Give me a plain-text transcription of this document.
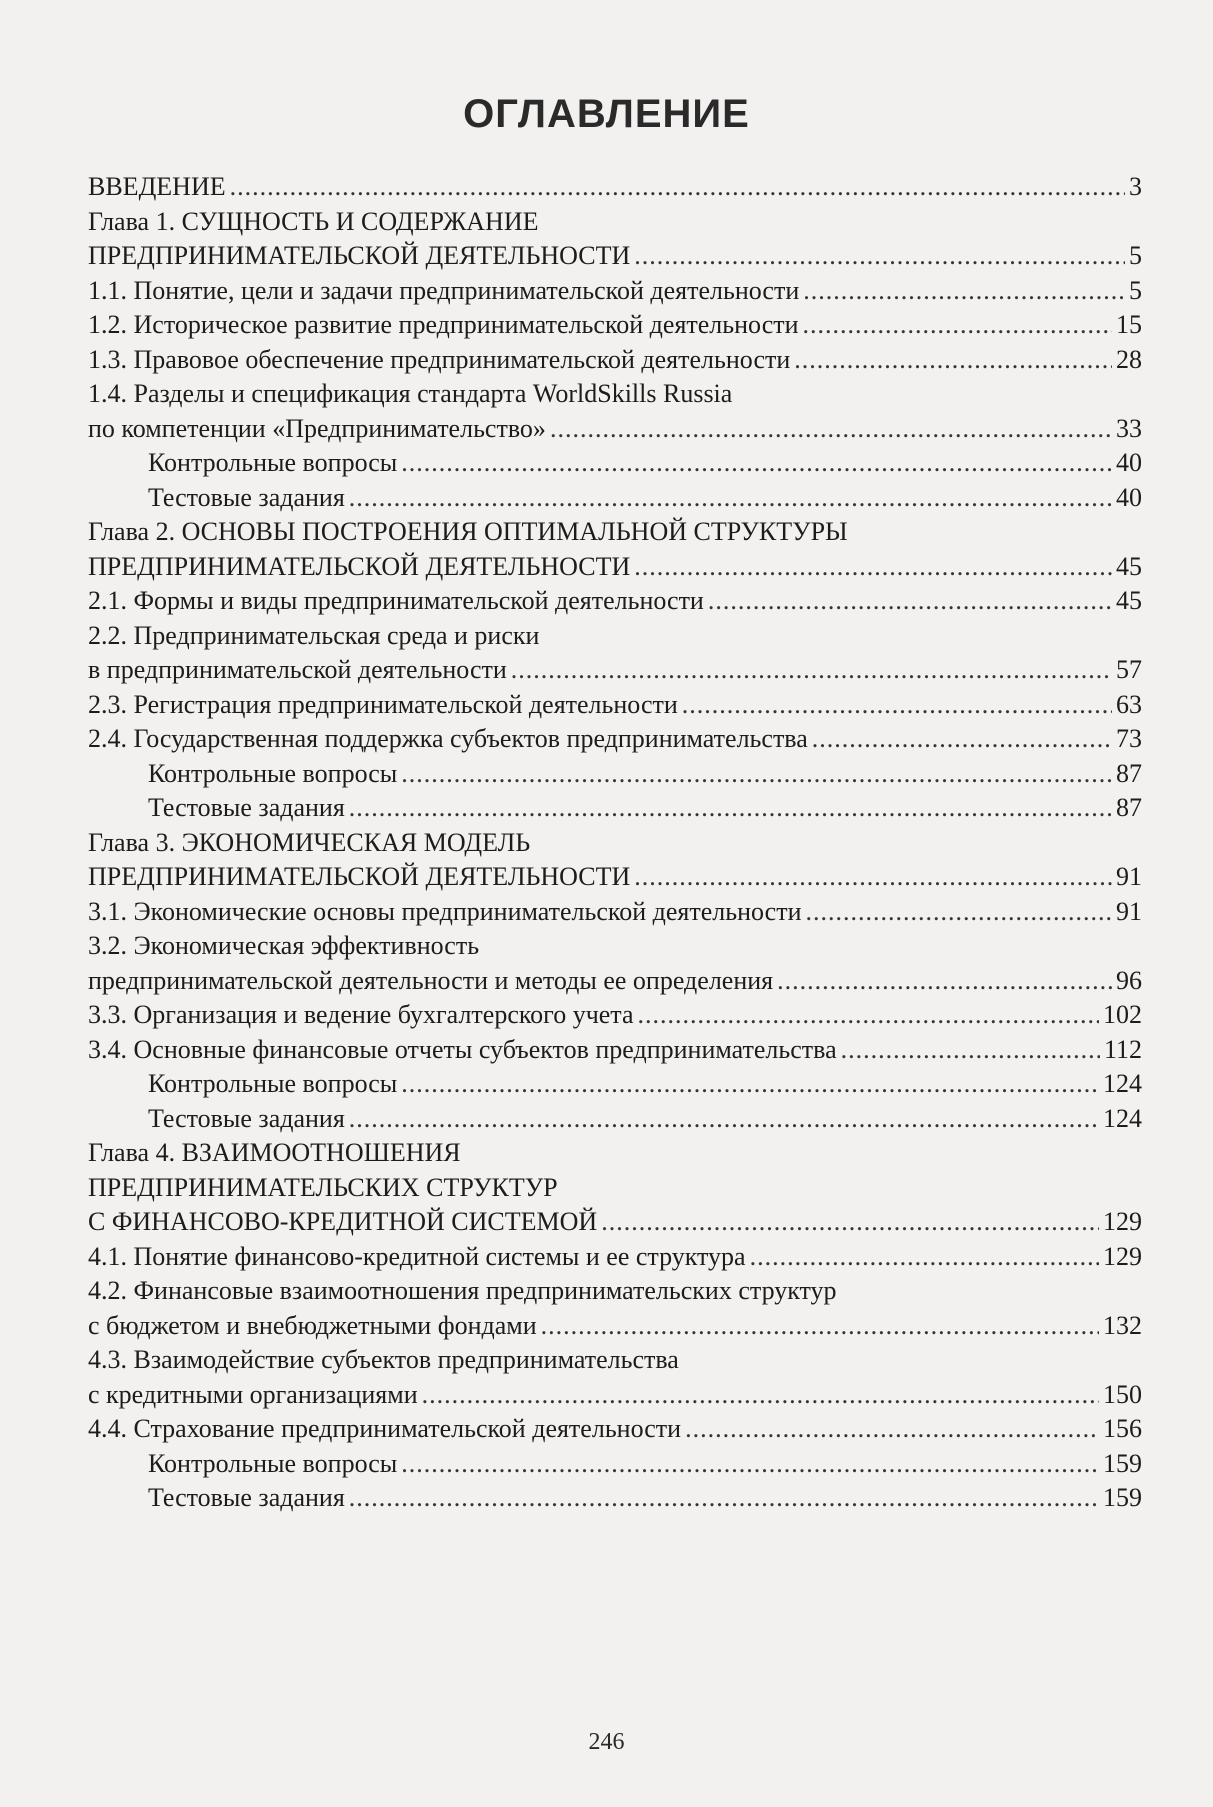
ОГЛАВЛЕНИЕ
ВВЕДЕНИЕ .....	3
Глава 1. СУЩНОСТЬ И СОДЕРЖАНИЕ
ПРЕДПРИНИМАТЕЛЬСКОЙ ДЕЯТЕЛЬНОСТИ .....	5
1.1. Понятие, цели и задачи предпринимательской деятельности .....	5
1.2. Историческое развитие предпринимательской деятельности .....	15
1.3. Правовое обеспечение предпринимательской деятельности .....	28
1.4. Разделы и спецификация стандарта WorldSkills Russia
по компетенции «Предпринимательство» .....	33
Контрольные вопросы .....	40
Тестовые задания .....	40
Глава 2. ОСНОВЫ ПОСТРОЕНИЯ ОПТИМАЛЬНОЙ СТРУКТУРЫ
ПРЕДПРИНИМАТЕЛЬСКОЙ ДЕЯТЕЛЬНОСТИ .....	45
2.1. Формы и виды предпринимательской деятельности .....	45
2.2. Предпринимательская среда и риски
в предпринимательской деятельности .....	57
2.3. Регистрация предпринимательской деятельности .....	63
2.4. Государственная поддержка субъектов предпринимательства .....	73
Контрольные вопросы .....	87
Тестовые задания .....	87
Глава 3. ЭКОНОМИЧЕСКАЯ МОДЕЛЬ
ПРЕДПРИНИМАТЕЛЬСКОЙ ДЕЯТЕЛЬНОСТИ .....	91
3.1. Экономические основы предпринимательской деятельности .....	91
3.2. Экономическая эффективность
предпринимательской деятельности и методы ее определения .....	96
3.3. Организация и ведение бухгалтерского учета .....	102
3.4. Основные финансовые отчеты субъектов предпринимательства .....	112
Контрольные вопросы .....	124
Тестовые задания .....	124
Глава 4. ВЗАИМООТНОШЕНИЯ
ПРЕДПРИНИМАТЕЛЬСКИХ СТРУКТУР
С ФИНАНСОВО-КРЕДИТНОЙ СИСТЕМОЙ .....	129
4.1. Понятие финансово-кредитной системы и ее структура .....	129
4.2. Финансовые взаимоотношения предпринимательских структур
с бюджетом и внебюджетными фондами .....	132
4.3. Взаимодействие субъектов предпринимательства
с кредитными организациями .....	150
4.4. Страхование предпринимательской деятельности .....	156
Контрольные вопросы .....	159
Тестовые задания .....	159
246
